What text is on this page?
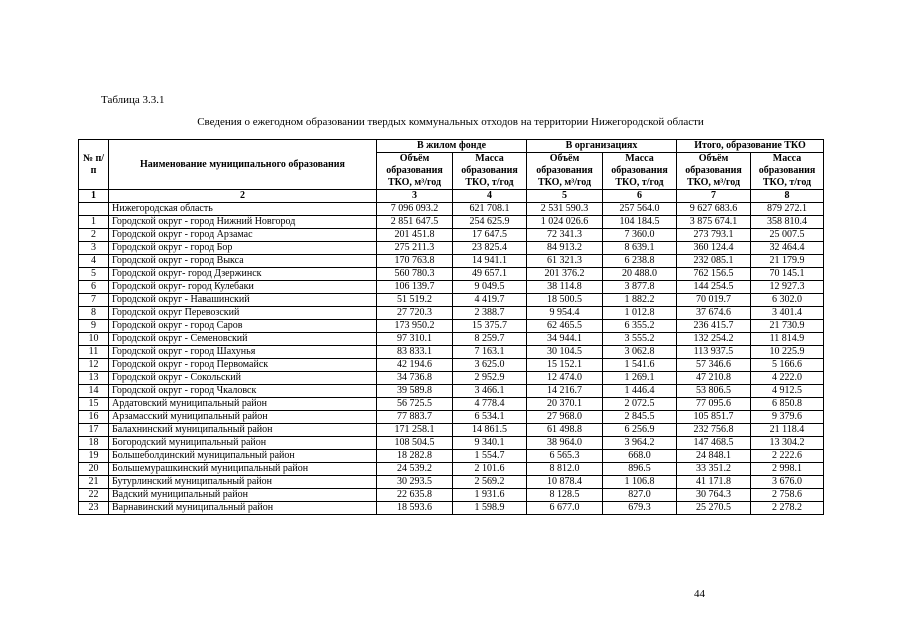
Таблица 3.3.1
Сведения о ежегодном образовании твердых коммунальных отходов на территории Нижегородской области
№ п/п	Наименование муниципального образования	В жилом фонде		В организациях		Итого, образование ТКО	
		Объём образования ТКО, м³/год	Масса образования ТКО, т/год	Объём образования ТКО, м³/год	Масса образования ТКО, т/год	Объём образования ТКО, м³/год	Масса образования ТКО, т/год
1	2	3	4	5	6	7	8
	Нижегородская область	7 096 093.2	621 708.1	2 531 590.3	257 564.0	9 627 683.6	879 272.1
1	Городской округ - город Нижний Новгород	2 851 647.5	254 625.9	1 024 026.6	104 184.5	3 875 674.1	358 810.4
2	Городской округ - город Арзамас	201 451.8	17 647.5	72 341.3	7 360.0	273 793.1	25 007.5
3	Городской округ - город Бор	275 211.3	23 825.4	84 913.2	8 639.1	360 124.4	32 464.4
4	Городской округ - город Выкса	170 763.8	14 941.1	61 321.3	6 238.8	232 085.1	21 179.9
5	Городской округ- город Дзержинск	560 780.3	49 657.1	201 376.2	20 488.0	762 156.5	70 145.1
6	Городской округ- город Кулебаки	106 139.7	9 049.5	38 114.8	3 877.8	144 254.5	12 927.3
7	Городской округ - Навашинский	51 519.2	4 419.7	18 500.5	1 882.2	70 019.7	6 302.0
8	Городской округ Перевозский	27 720.3	2 388.7	9 954.4	1 012.8	37 674.6	3 401.4
9	Городской округ - город Саров	173 950.2	15 375.7	62 465.5	6 355.2	236 415.7	21 730.9
10	Городской округ - Семеновский	97 310.1	8 259.7	34 944.1	3 555.2	132 254.2	11 814.9
11	Городской округ - город Шахунья	83 833.1	7 163.1	30 104.5	3 062.8	113 937.5	10 225.9
12	Городской округ - город Первомайск	42 194.6	3 625.0	15 152.1	1 541.6	57 346.6	5 166.6
13	Городской округ - Сокольский	34 736.8	2 952.9	12 474.0	1 269.1	47 210.8	4 222.0
14	Городской округ - город Чкаловск	39 589.8	3 466.1	14 216.7	1 446.4	53 806.5	4 912.5
15	Ардатовский муниципальный район	56 725.5	4 778.4	20 370.1	2 072.5	77 095.6	6 850.8
16	Арзамасский муниципальный район	77 883.7	6 534.1	27 968.0	2 845.5	105 851.7	9 379.6
17	Балахнинский муниципальный район	171 258.1	14 861.5	61 498.8	6 256.9	232 756.8	21 118.4
18	Богородский муниципальный район	108 504.5	9 340.1	38 964.0	3 964.2	147 468.5	13 304.2
19	Большеболдинский муниципальный район	18 282.8	1 554.7	6 565.3	668.0	24 848.1	2 222.6
20	Большемурашкинский муниципальный район	24 539.2	2 101.6	8 812.0	896.5	33 351.2	2 998.1
21	Бутурлинский муниципальный район	30 293.5	2 569.2	10 878.4	1 106.8	41 171.8	3 676.0
22	Вадский муниципальный район	22 635.8	1 931.6	8 128.5	827.0	30 764.3	2 758.6
23	Варнавинский муниципальный район	18 593.6	1 598.9	6 677.0	679.3	25 270.5	2 278.2
44
